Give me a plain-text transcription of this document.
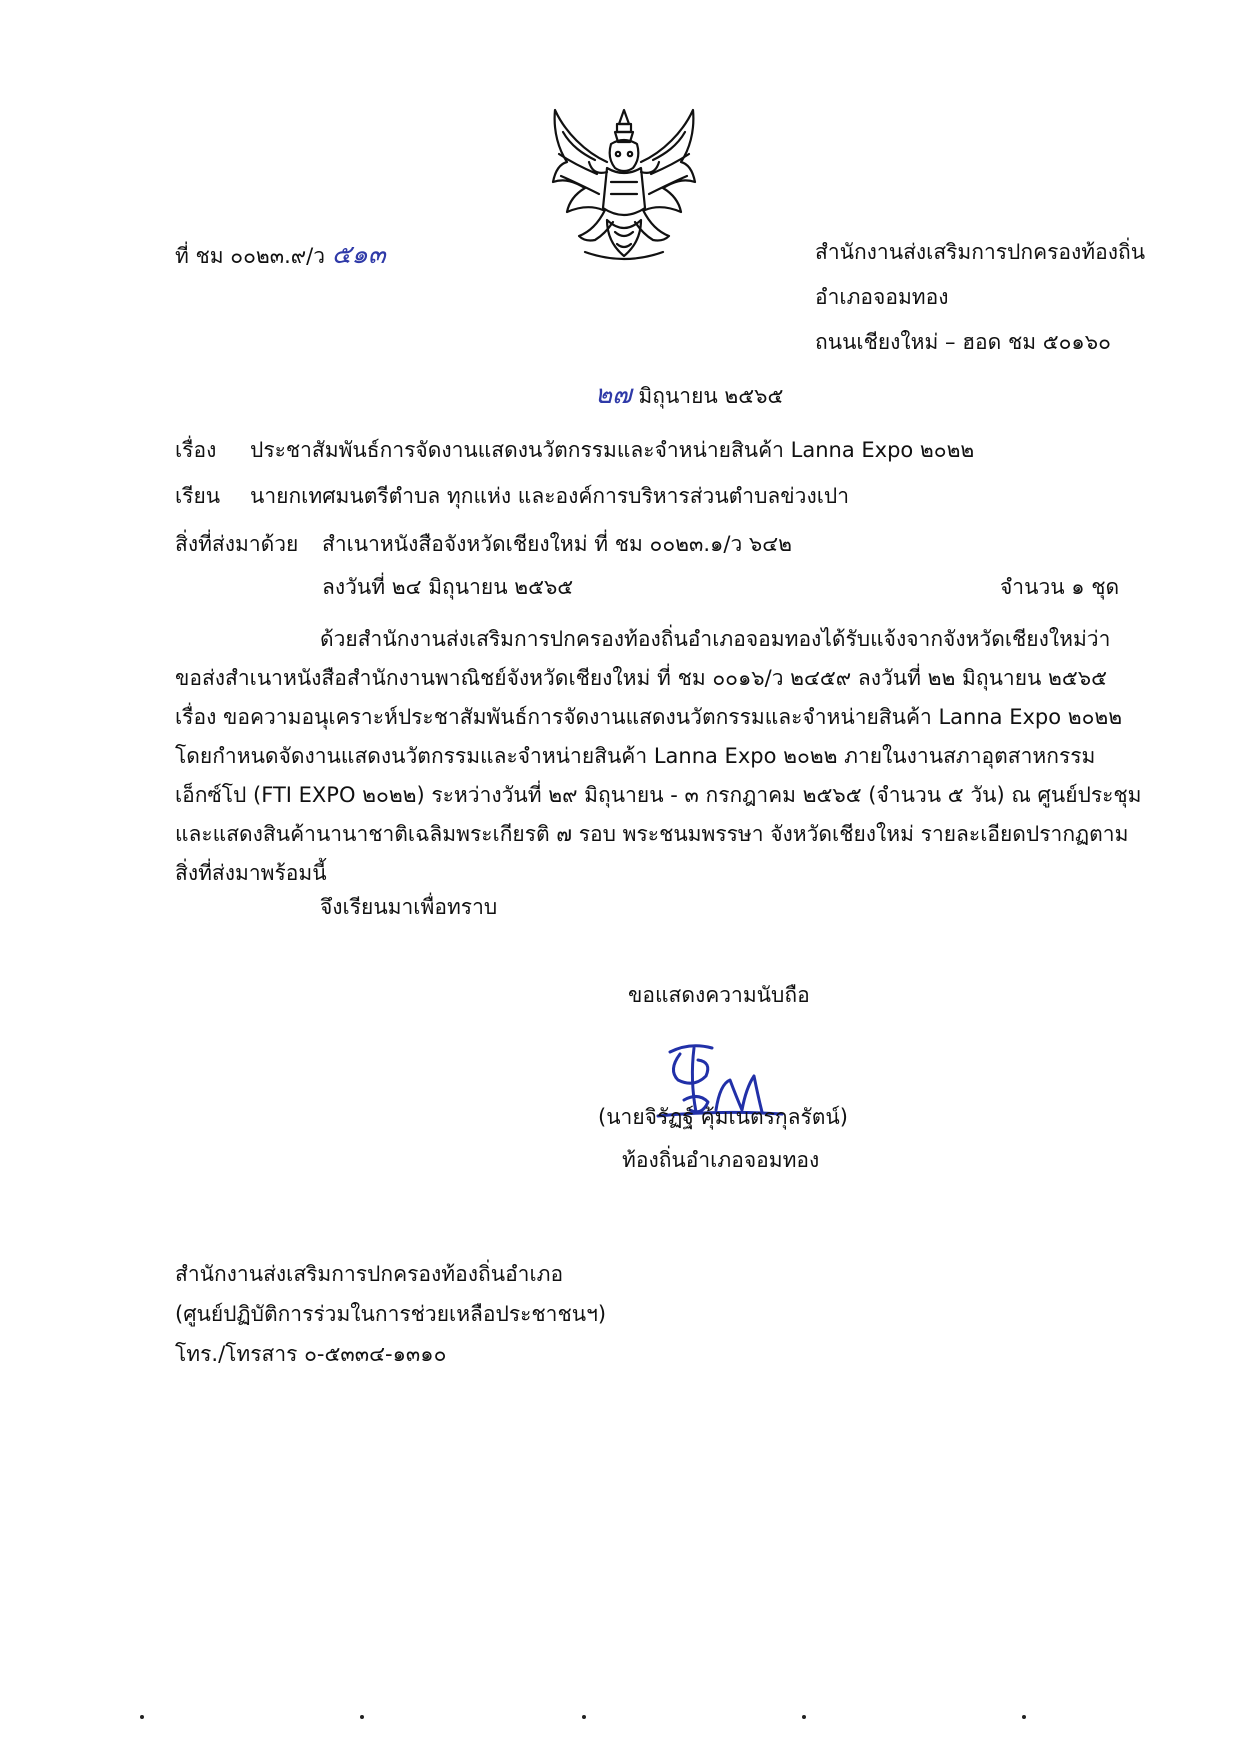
ที่ ชม ๐๐๒๓.๙/ว ๕๑๓	สำนักงานส่งเสริมการปกครองท้องถิ่น
อำเภอจอมทอง
ถนนเชียงใหม่ – ฮอด ชม ๕๐๑๖๐
๒๗ มิถุนายน ๒๕๖๕
เรื่อง ประชาสัมพันธ์การจัดงานแสดงนวัตกรรมและจำหน่ายสินค้า Lanna Expo ๒๐๒๒
เรียน นายกเทศมนตรีตำบล ทุกแห่ง และองค์การบริหารส่วนตำบลข่วงเปา
สิ่งที่ส่งมาด้วย สำเนาหนังสือจังหวัดเชียงใหม่ ที่ ชม ๐๐๒๓.๑/ว ๖๔๒
ลงวันที่ ๒๔ มิถุนายน ๒๕๖๕	จำนวน ๑ ชุด

ด้วยสำนักงานส่งเสริมการปกครองท้องถิ่นอำเภอจอมทองได้รับแจ้งจากจังหวัดเชียงใหม่ว่า

ขอส่งสำเนาหนังสือสำนักงานพาณิชย์จังหวัดเชียงใหม่ ที่ ชม ๐๐๑๖/ว ๒๔๕๙ ลงวันที่ ๒๒ มิถุนายน ๒๕๖๕

เรื่อง ขอความอนุเคราะห์ประชาสัมพันธ์การจัดงานแสดงนวัตกรรมและจำหน่ายสินค้า Lanna Expo ๒๐๒๒

โดยกำหนดจัดงานแสดงนวัตกรรมและจำหน่ายสินค้า Lanna Expo ๒๐๒๒ ภายในงานสภาอุตสาหกรรม

เอ็กซ์โป (FTI EXPO ๒๐๒๒) ระหว่างวันที่ ๒๙ มิถุนายน - ๓ กรกฎาคม ๒๕๖๕ (จำนวน ๕ วัน) ณ ศูนย์ประชุม

และแสดงสินค้านานาชาติเฉลิมพระเกียรติ ๗ รอบ พระชนมพรรษา จังหวัดเชียงใหม่ รายละเอียดปรากฏตาม

สิ่งที่ส่งมาพร้อมนี้

จึงเรียนมาเพื่อทราบ
ขอแสดงความนับถือ
(นายจิรัฏฐ์ คุ้มเนตรกุลรัตน์)
ท้องถิ่นอำเภอจอมทอง
สำนักงานส่งเสริมการปกครองท้องถิ่นอำเภอ
(ศูนย์ปฏิบัติการร่วมในการช่วยเหลือประชาชนฯ)
โทร./โทรสาร ๐-๕๓๓๔-๑๓๑๐
